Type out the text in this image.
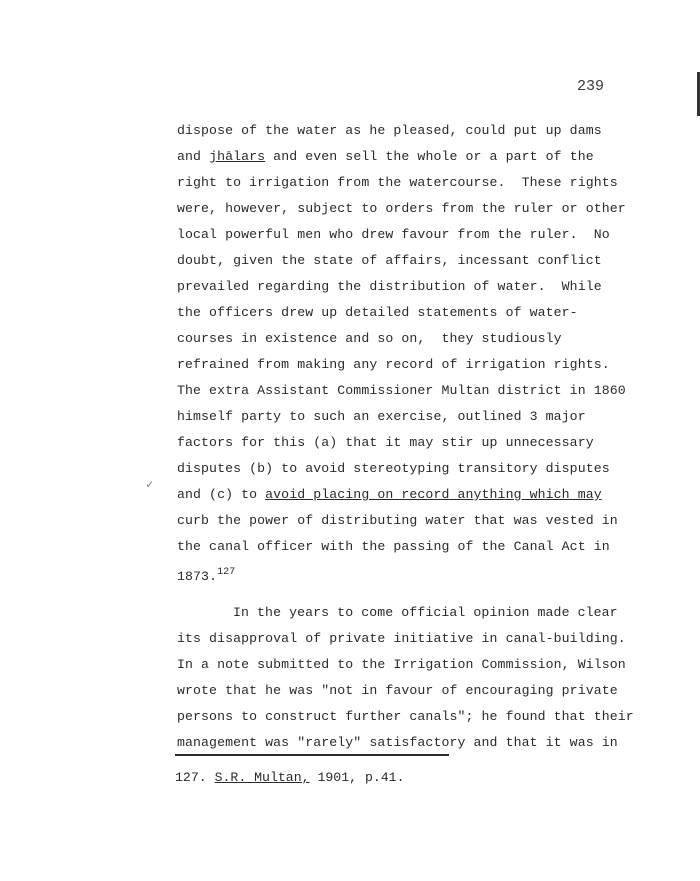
239
✓
dispose of the water as he pleased, could put up dams
and jhālars and even sell the whole or a part of the
right to irrigation from the watercourse.  These rights
were, however, subject to orders from the ruler or other
local powerful men who drew favour from the ruler.  No
doubt, given the state of affairs, incessant conflict
prevailed regarding the distribution of water.  While
the officers drew up detailed statements of water-
courses in existence and so on,  they studiously
refrained from making any record of irrigation rights.
The extra Assistant Commissioner Multan district in 1860
himself party to such an exercise, outlined 3 major
factors for this (a) that it may stir up unnecessary
disputes (b) to avoid stereotyping transitory disputes
and (c) to avoid placing on record anything which may
curb the power of distributing water that was vested in
the canal officer with the passing of the Canal Act in
1873.$^{127}$
In the years to come official opinion made clear
its disapproval of private initiative in canal-building.
In a note submitted to the Irrigation Commission, Wilson
wrote that he was "not in favour of encouraging private
persons to construct further canals"; he found that their
management was "rarely" satisfactory and that it was in
127. S.R. Multan, 1901, p.41.
